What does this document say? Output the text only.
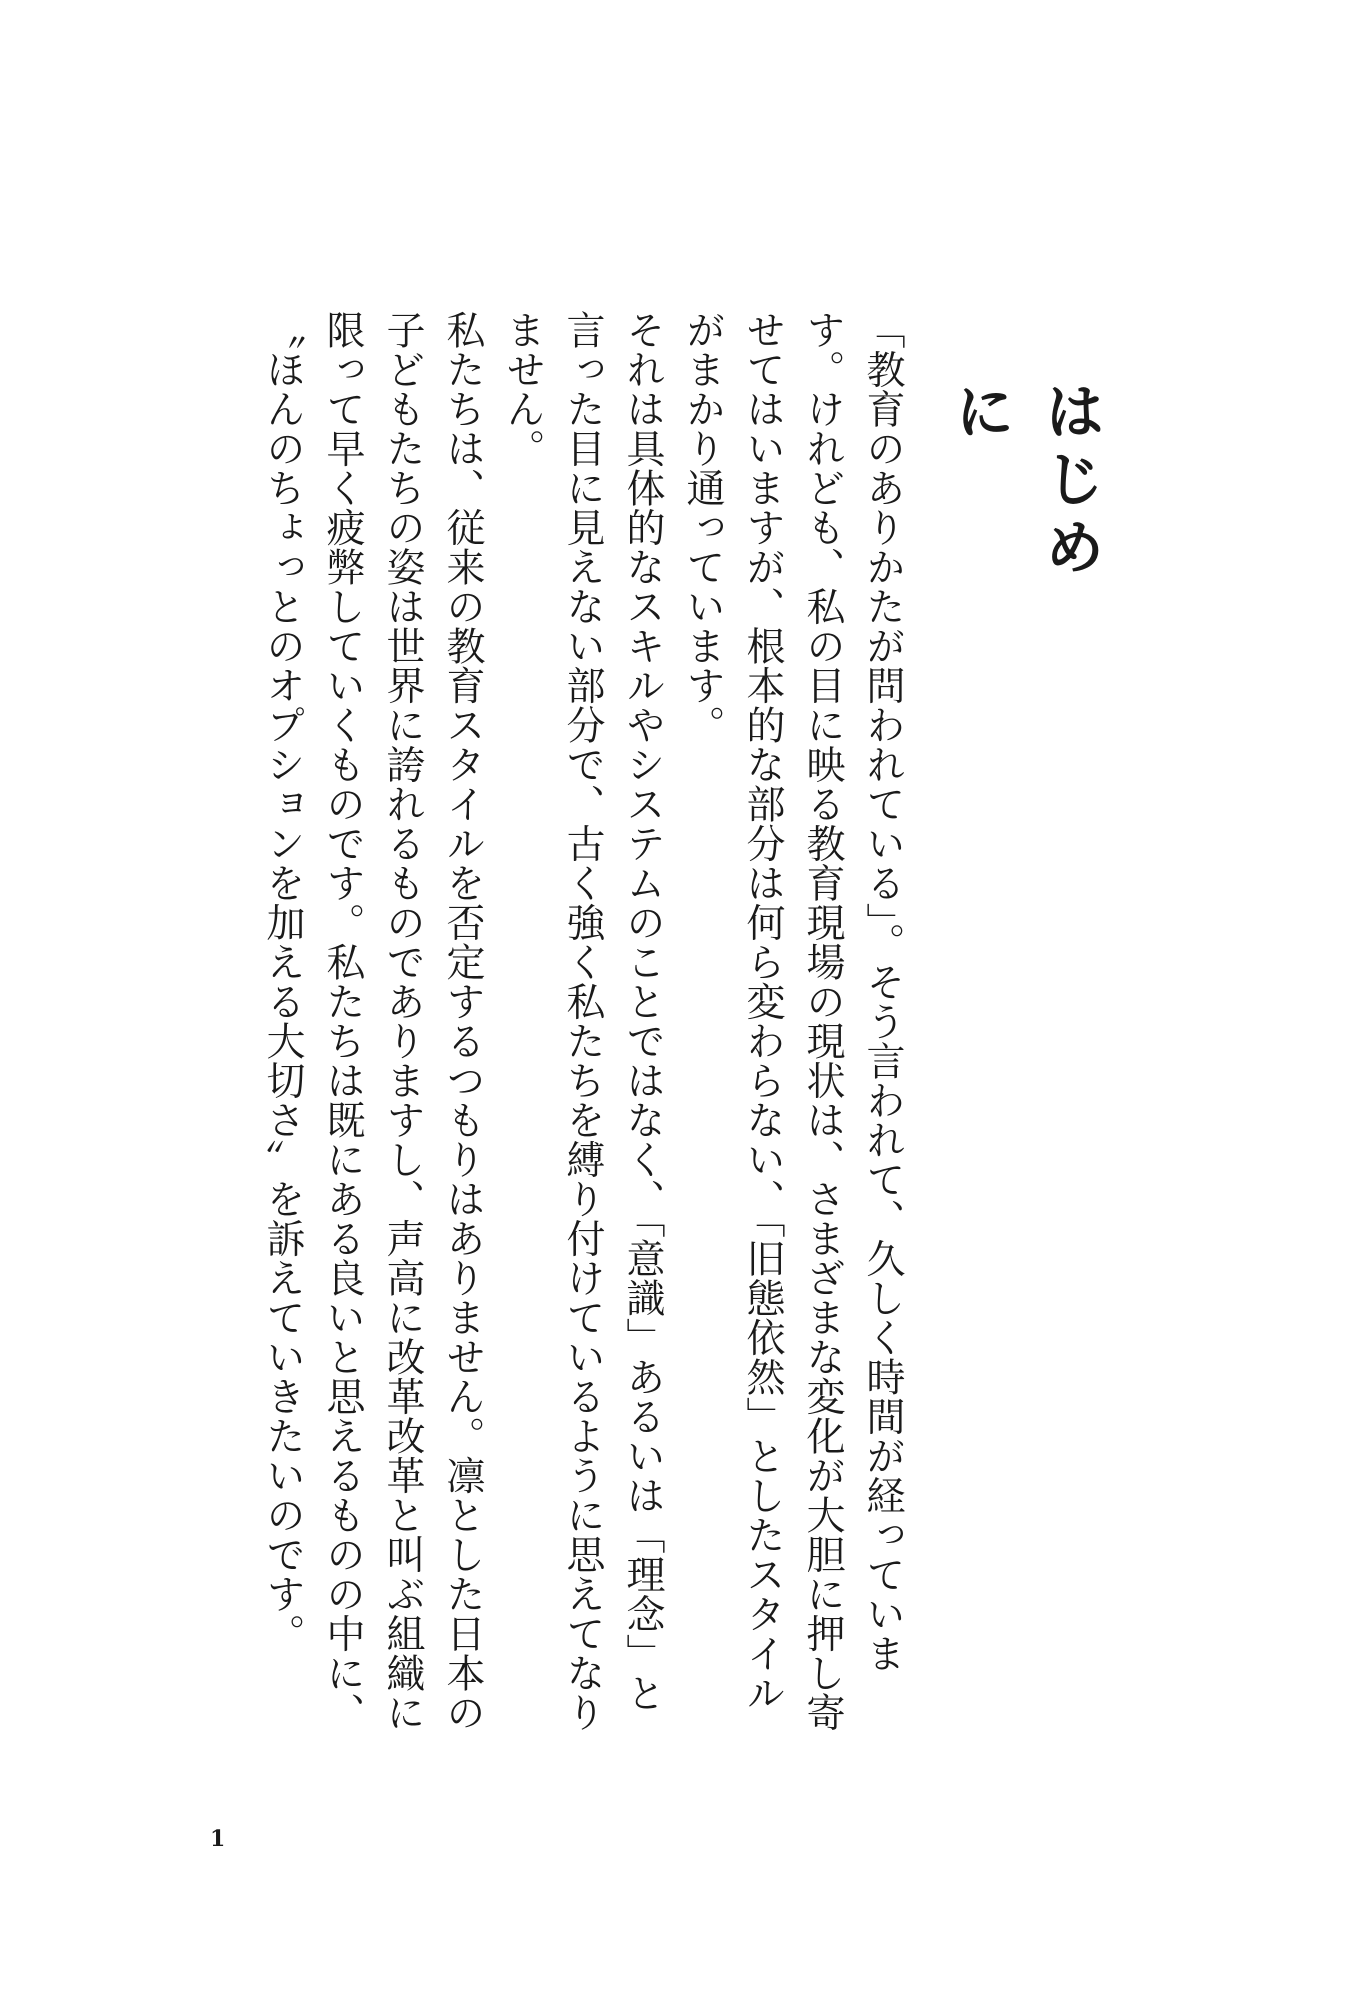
はじめに

「教育のありかたが問われている」。そう言われて、久しく時間が経っています。けれども、私の目に映る教育現場の現状は、さまざまな変化が大胆に押し寄せてはいますが、根本的な部分は何ら変わらない、「旧態依然」としたスタイルがまかり通っています。

それは具体的なスキルやシステムのことではなく、「意識」あるいは「理念」と言った目に見えない部分で、古く強く私たちを縛り付けているように思えてなりません。

私たちは、従来の教育スタイルを否定するつもりはありません。凛とした日本の子どもたちの姿は世界に誇れるものでありますし、声高に改革改革と叫ぶ組織に限って早く疲弊していくものです。私たちは既にある良いと思えるものの中に、〝ほんのちょっとのオプションを加える大切さ〟を訴えていきたいのです。

1
